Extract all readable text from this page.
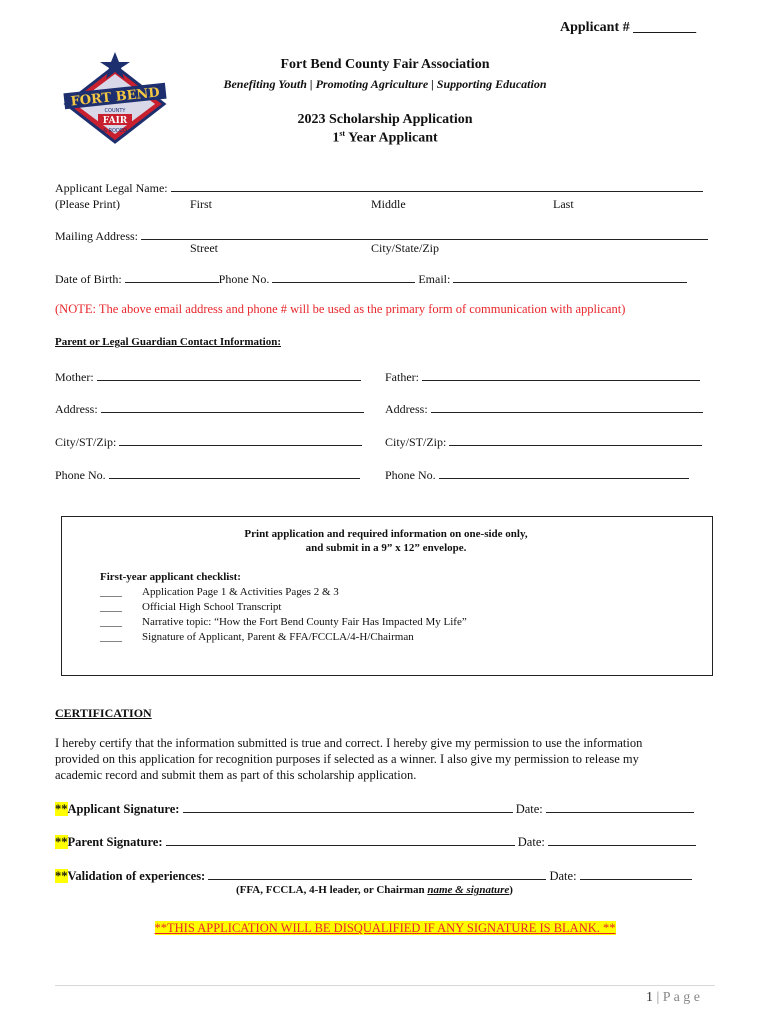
Applicant # _________
FORT BEND
COUNTY
FAIR
& RODEO
Fort Bend County Fair Association
Benefiting Youth | Promoting Agriculture | Supporting Education
2023 Scholarship Application
1st Year Applicant
Applicant Legal Name:
(Please Print)	First	Middle	Last
Mailing Address:
Street	City/State/Zip
Date of Birth:	Phone No.	Email:
(NOTE: The above email address and phone # will be used as the primary form of communication with applicant)
Parent or Legal Guardian Contact Information:
Mother:	Father:
Address:	Address:
City/ST/Zip:	City/ST/Zip:
Phone No.	Phone No.
Print application and required information on one-side only,
and submit in a 9” x 12” envelope.
First-year applicant checklist:
____ Application Page 1 & Activities Pages 2 & 3
____ Official High School Transcript
____ Narrative topic: “How the Fort Bend County Fair Has Impacted My Life”
____ Signature of Applicant, Parent & FFA/FCCLA/4-H/Chairman
CERTIFICATION
I hereby certify that the information submitted is true and correct. I hereby give my permission to use the information
provided on this application for recognition purposes if selected as a winner. I also give my permission to release my
academic record and submit them as part of this scholarship application.
**Applicant Signature:	Date:
**Parent Signature:	Date:
**Validation of experiences:	Date:
(FFA, FCCLA, 4-H leader, or Chairman name & signature)
**THIS APPLICATION WILL BE DISQUALIFIED IF ANY SIGNATURE IS BLANK. **
1 | P a g e
